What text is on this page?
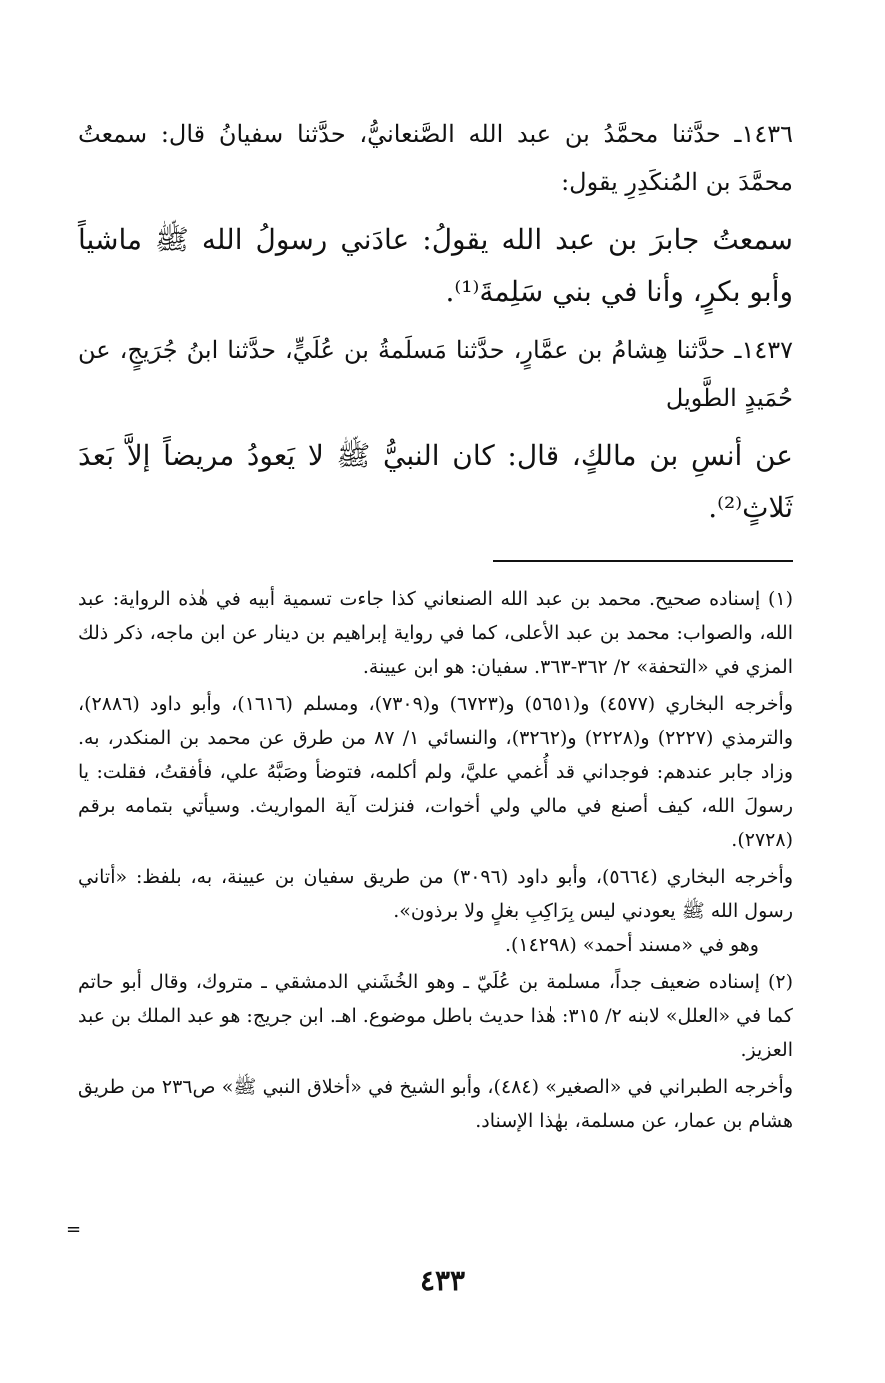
١٤٣٦ـ حدَّثنا محمَّدُ بن عبد الله الصَّنعانيُّ، حدَّثنا سفيانُ قال: سمعتُ محمَّدَ بن المُنكَدِرِ يقول:

سمعتُ جابرَ بن عبد الله يقولُ: عادَني رسولُ الله ﷺ ماشياً وأبو بكرٍ، وأنا في بني سَلِمةَ⁽¹⁾.

١٤٣٧ـ حدَّثنا هِشامُ بن عمَّارٍ، حدَّثنا مَسلَمةُ بن عُلَيٍّ، حدَّثنا ابنُ جُرَيجٍ، عن حُمَيدٍ الطَّويل

عن أنسِ بن مالكٍ، قال: كان النبيُّ ﷺ لا يَعودُ مريضاً إلاَّ بَعدَ ثَلاثٍ⁽²⁾.

(١) إسناده صحيح. محمد بن عبد الله الصنعاني كذا جاءت تسمية أبيه في هٰذه الرواية: عبد الله، والصواب: محمد بن عبد الأعلى، كما في رواية إبراهيم بن دينار عن ابن ماجه، ذكر ذلك المزي في «التحفة» ٢/ ٣٦٢-٣٦٣. سفيان: هو ابن عيينة.

وأخرجه البخاري (٤٥٧٧) و(٥٦٥١) و(٦٧٢٣) و(٧٣٠٩)، ومسلم (١٦١٦)، وأبو داود (٢٨٨٦)، والترمذي (٢٢٢٧) و(٢٢٢٨) و(٣٢٦٢)، والنسائي ١/ ٨٧ من طرق عن محمد بن المنكدر، به. وزاد جابر عندهم: فوجداني قد أُغمي عليَّ، ولم أكلمه، فتوضأ وصَبَّهُ علي، فأفقتُ، فقلت: يا رسولَ الله، كيف أصنع في مالي ولي أخوات، فنزلت آية المواريث. وسيأتي بتمامه برقم (٢٧٢٨).

وأخرجه البخاري (٥٦٦٤)، وأبو داود (٣٠٩٦) من طريق سفيان بن عيينة، به، بلفظ: «أتاني رسول الله ﷺ يعودني ليس بِرَاكِبِ بغلٍ ولا برذون».

وهو في «مسند أحمد» (١٤٢٩٨).

(٢) إسناده ضعيف جداً، مسلمة بن عُلَيّ ـ وهو الخُشَني الدمشقي ـ متروك، وقال أبو حاتم كما في «العلل» لابنه ٢/ ٣١٥: هٰذا حديث باطل موضوع. اهـ. ابن جريج: هو عبد الملك بن عبد العزيز.

وأخرجه الطبراني في «الصغير» (٤٨٤)، وأبو الشيخ في «أخلاق النبي ﷺ» ص٢٣٦ من طريق هشام بن عمار، عن مسلمة، بهٰذا الإسناد.

=
٤٣٣
